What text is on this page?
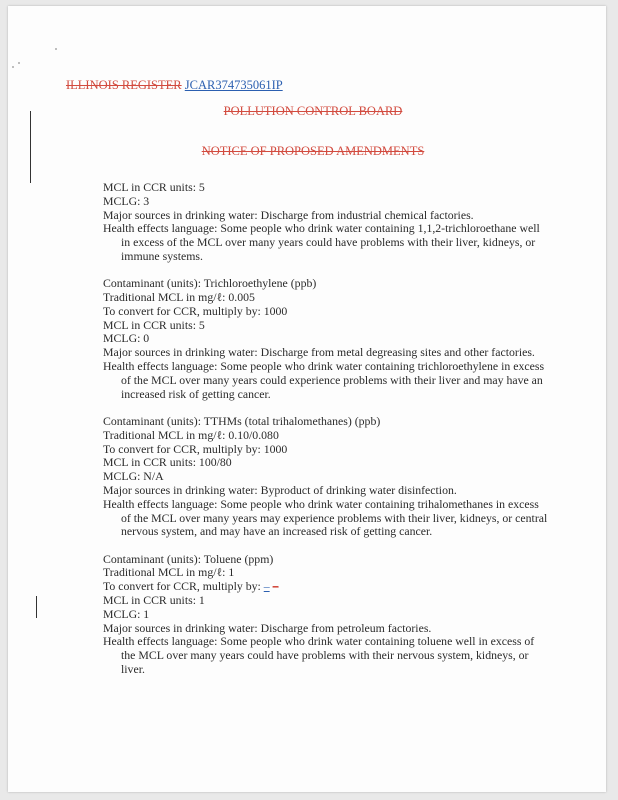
ILLINOIS REGISTER JCAR374735061IP
POLLUTION CONTROL BOARD
NOTICE OF PROPOSED AMENDMENTS

MCL in CCR units: 5

MCLG: 3

Major sources in drinking water: Discharge from industrial chemical factories.

Health effects language: Some people who drink water containing 1,1,2-trichloroethane well in excess of the MCL over many years could have problems with their liver, kidneys, or immune systems.

Contaminant (units): Trichloroethylene (ppb)

Traditional MCL in mg/ℓ: 0.005

To convert for CCR, multiply by: 1000

MCL in CCR units: 5

MCLG: 0

Major sources in drinking water: Discharge from metal degreasing sites and other factories.

Health effects language: Some people who drink water containing trichloroethylene in excess of the MCL over many years could experience problems with their liver and may have an increased risk of getting cancer.

Contaminant (units): TTHMs (total trihalomethanes) (ppb)

Traditional MCL in mg/ℓ: 0.10/0.080

To convert for CCR, multiply by: 1000

MCL in CCR units: 100/80

MCLG: N/A

Major sources in drinking water: Byproduct of drinking water disinfection.

Health effects language: Some people who drink water containing trihalomethanes in excess of the MCL over many years may experience problems with their liver, kidneys, or central nervous system, and may have an increased risk of getting cancer.

Contaminant (units): Toluene (ppm)

Traditional MCL in mg/ℓ: 1

To convert for CCR, multiply by: – –

MCL in CCR units: 1

MCLG: 1

Major sources in drinking water: Discharge from petroleum factories.

Health effects language: Some people who drink water containing toluene well in excess of the MCL over many years could have problems with their nervous system, kidneys, or liver.
